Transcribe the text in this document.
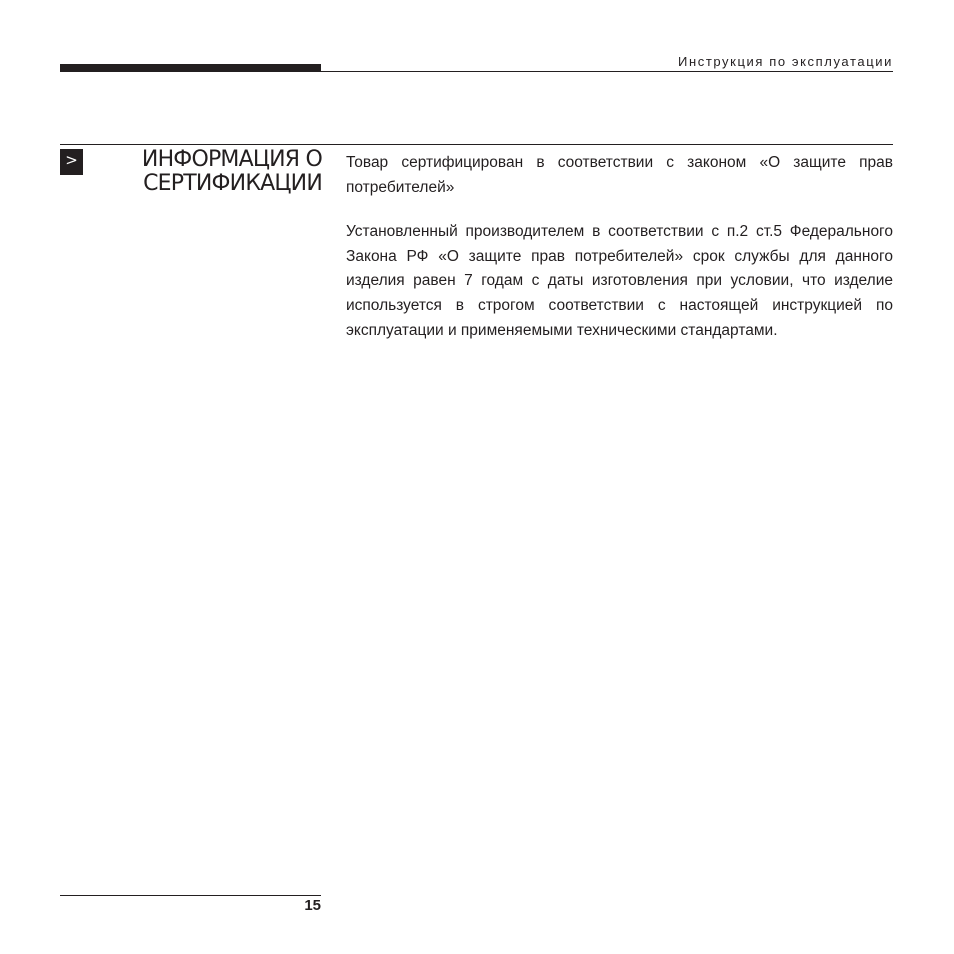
Инструкция по эксплуатации
>	ИНФОРМАЦИЯ О
СЕРТИФИКАЦИИ

Товар сертифицирован в соответствии с законом «О защите прав потребителей»

Установленный производителем в соответствии с п.2 ст.5 Федерального Закона РФ «О защите прав потребителей» срок службы для данного изделия равен 7 годам с даты изготовления при условии, что изделие используется в строгом соответствии с настоящей инструкцией по эксплуатации и применяемыми техническими стандартами.

15
